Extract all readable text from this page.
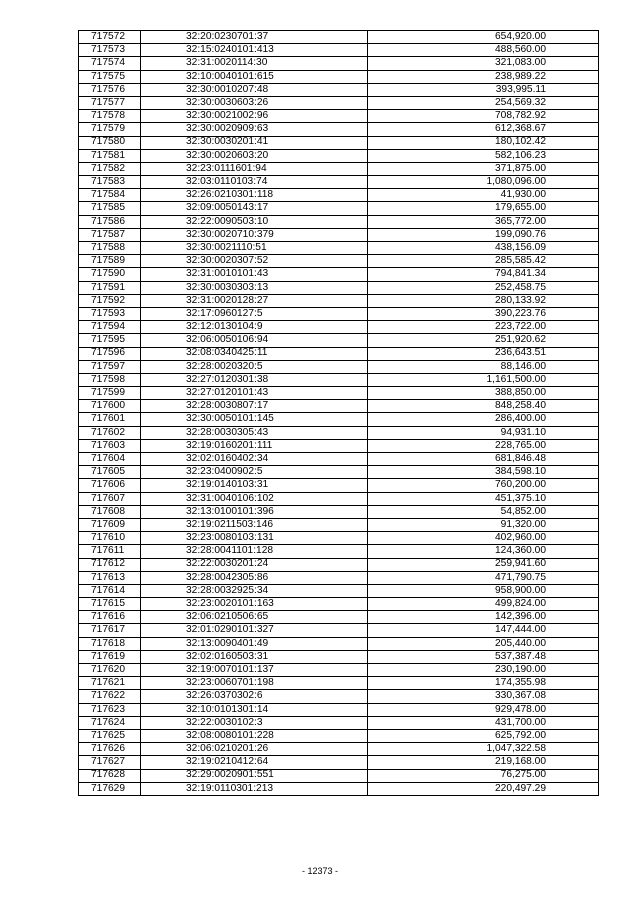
717572	32:20:0230701:37	654,920.00
717573	32:15:0240101:413	488,560.00
717574	32:31:0020114:30	321,083.00
717575	32:10:0040101:615	238,989.22
717576	32:30:0010207:48	393,995.11
717577	32:30:0030603:26	254,569.32
717578	32:30:0021002:96	708,782.92
717579	32:30:0020909:63	612,368.67
717580	32:30:0030201:41	180,102.42
717581	32:30:0020603:20	582,106.23
717582	32:23:0111601:94	371,875.00
717583	32:03:0110103:74	1,080,096.00
717584	32:26:0210301:118	41,930.00
717585	32:09:0050143:17	179,655.00
717586	32:22:0090503:10	365,772.00
717587	32:30:0020710:379	199,090.76
717588	32:30:0021110:51	438,156.09
717589	32:30:0020307:52	285,585.42
717590	32:31:0010101:43	794,841.34
717591	32:30:0030303:13	252,458.75
717592	32:31:0020128:27	280,133.92
717593	32:17:0960127:5	390,223.76
717594	32:12:0130104:9	223,722.00
717595	32:06:0050106:94	251,920.62
717596	32:08:0340425:11	236,643.51
717597	32:28:0020320:5	88,146.00
717598	32:27:0120301:38	1,161,500.00
717599	32:27:0120101:43	388,850.00
717600	32:28:0030807:17	848,258.40
717601	32:30:0050101:145	286,400.00
717602	32:28:0030305:43	94,931.10
717603	32:19:0160201:111	228,765.00
717604	32:02:0160402:34	681,846.48
717605	32:23:0400902:5	384,598.10
717606	32:19:0140103:31	760,200.00
717607	32:31:0040106:102	451,375.10
717608	32:13:0100101:396	54,852.00
717609	32:19:0211503:146	91,320.00
717610	32:23:0080103:131	402,960.00
717611	32:28:0041101:128	124,360.00
717612	32:22:0030201:24	259,941.60
717613	32:28:0042305:86	471,790.75
717614	32:28:0032925:34	958,900.00
717615	32:23:0020101:163	499,824.00
717616	32:06:0210506:65	142,396.00
717617	32:01:0290101:327	147,444.00
717618	32:13:0090401:49	205,440.00
717619	32:02:0160503:31	537,387.48
717620	32:19:0070101:137	230,190.00
717621	32:23:0060701:198	174,355.98
717622	32:26:0370302:6	330,367.08
717623	32:10:0101301:14	929,478.00
717624	32:22:0030102:3	431,700.00
717625	32:08:0080101:228	625,792.00
717626	32:06:0210201:26	1,047,322.58
717627	32:19:0210412:64	219,168.00
717628	32:29:0020901:551	76,275.00
717629	32:19:0110301:213	220,497.29
- 12373 -
